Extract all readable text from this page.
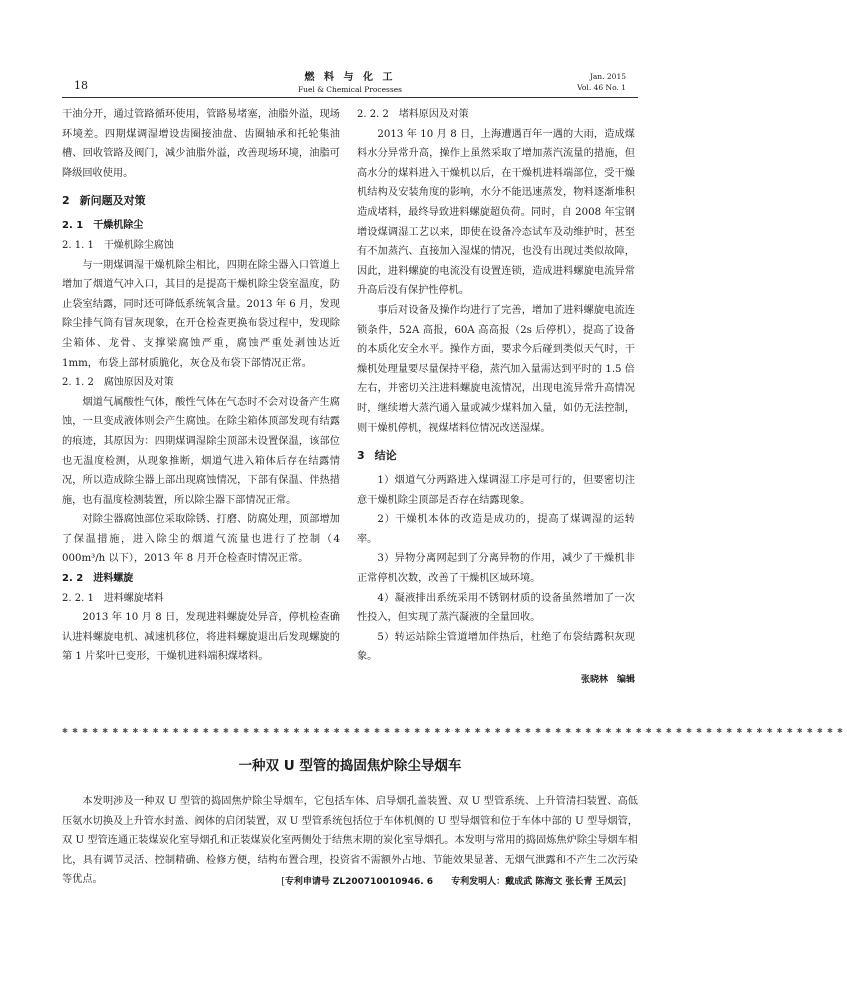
18
燃 料 与 化 工
Fuel & Chemical Processes
Jan. 2015
Vol. 46 No. 1

干油分开，通过管路循环使用，管路易堵塞，油脂外溢，现场环境差。四期煤调湿增设齿圈接油盘、齿圈轴承和托轮集油槽、回收管路及阀门，减少油脂外溢，改善现场环境，油脂可降级回收使用。

2 新问题及对策
2. 1 干燥机除尘
2. 1. 1 干燥机除尘腐蚀

与一期煤调湿干燥机除尘相比，四期在除尘器入口管道上增加了烟道气冲入口，其目的是提高干燥机除尘袋室温度，防止袋室结露，同时还可降低系统氧含量。2013 年 6 月，发现除尘排气筒有冒灰现象，在开仓检查更换布袋过程中，发现除尘箱体、龙骨、支撑梁腐蚀严重，腐蚀严重处剥蚀达近 1mm，布袋上部材质脆化，灰仓及布袋下部情况正常。

2. 1. 2 腐蚀原因及对策

烟道气属酸性气体，酸性气体在气态时不会对设备产生腐蚀，一旦变成液体则会产生腐蚀。在除尘箱体顶部发现有结露的痕迹，其原因为：四期煤调湿除尘顶部未设置保温，该部位也无温度检测，从现象推断，烟道气进入箱体后存在结露情况，所以造成除尘器上部出现腐蚀情况，下部有保温、伴热措施，也有温度检测装置，所以除尘器下部情况正常。

对除尘器腐蚀部位采取除锈、打磨、防腐处理，顶部增加了保温措施，进入除尘的烟道气流量也进行了控制（4 000m³/h 以下），2013 年 8 月开仓检查时情况正常。

2. 2 进料螺旋
2. 2. 1 进料螺旋堵料

2013 年 10 月 8 日，发现进料螺旋处异音，停机检查确认进料螺旋电机、减速机移位，将进料螺旋退出后发现螺旋的第 1 片桨叶已变形，干燥机进料端积煤堵料。

2. 2. 2 堵料原因及对策

2013 年 10 月 8 日，上海遭遇百年一遇的大雨，造成煤料水分异常升高，操作上虽然采取了增加蒸汽流量的措施，但高水分的煤料进入干燥机以后，在干燥机进料端部位，受干燥机结构及安装角度的影响，水分不能迅速蒸发，物料逐渐堆积造成堵料，最终导致进料螺旋超负荷。同时，自 2008 年宝钢增设煤调湿工艺以来，即使在设备冷态试车及动维护时，甚至有不加蒸汽、直接加入湿煤的情况，也没有出现过类似故障，因此，进料螺旋的电流没有设置连锁，造成进料螺旋电流异常升高后没有保护性停机。

事后对设备及操作均进行了完善，增加了进料螺旋电流连锁条件，52A 高报，60A 高高报（2s 后停机），提高了设备的本质化安全水平。操作方面，要求今后碰到类似天气时，干燥机处理量要尽量保持平稳，蒸汽加入量需达到平时的 1.5 倍左右，并密切关注进料螺旋电流情况，出现电流异常升高情况时，继续增大蒸汽通入量或减少煤料加入量，如仍无法控制，则干燥机停机，视煤堵料位情况改送湿煤。

3 结论

1）烟道气分两路进入煤调湿工序是可行的，但要密切注意干燥机除尘顶部是否存在结露现象。

2）干燥机本体的改造是成功的，提高了煤调湿的运转率。

3）异物分离网起到了分离异物的作用，减少了干燥机非正常停机次数，改善了干燥机区域环境。

4）凝液排出系统采用不锈钢材质的设备虽然增加了一次性投入，但实现了蒸汽凝液的全量回收。

5）转运站除尘管道增加伴热后，杜绝了布袋结露积灰现象。

张晓林　编辑
✱✱✱✱✱✱✱✱✱✱✱✱✱✱✱✱✱✱✱✱✱✱✱✱✱✱✱✱✱✱✱✱✱✱✱✱✱✱✱✱✱✱✱✱✱✱✱✱✱✱✱✱✱✱✱✱✱✱✱✱✱✱✱✱✱✱✱✱✱✱✱✱✱✱✱✱✱✱
一种双 U 型管的捣固焦炉除尘导烟车
本发明涉及一种双 U 型管的捣固焦炉除尘导烟车，它包括车体、启导烟孔盖装置、双 U 型管系统、上升管清扫装置、高低压氨水切换及上升管水封盖、阀体的启闭装置，双 U 型管系统包括位于车体机侧的 U 型导烟管和位于车体中部的 U 型导烟管，双 U 型管连通正装煤炭化室导烟孔和正装煤炭化室两侧处于结焦末期的炭化室导烟孔。本发明与常用的捣固炼焦炉除尘导烟车相比，具有调节灵活、控制精确、检修方便，结构布置合理，投资省不需额外占地、节能效果显著、无烟气泄露和不产生二次污染等优点。	[专利申请号 ZL200710010946. 6　　 专利发明人：戴成武 陈海文 张长青 王凤云]
